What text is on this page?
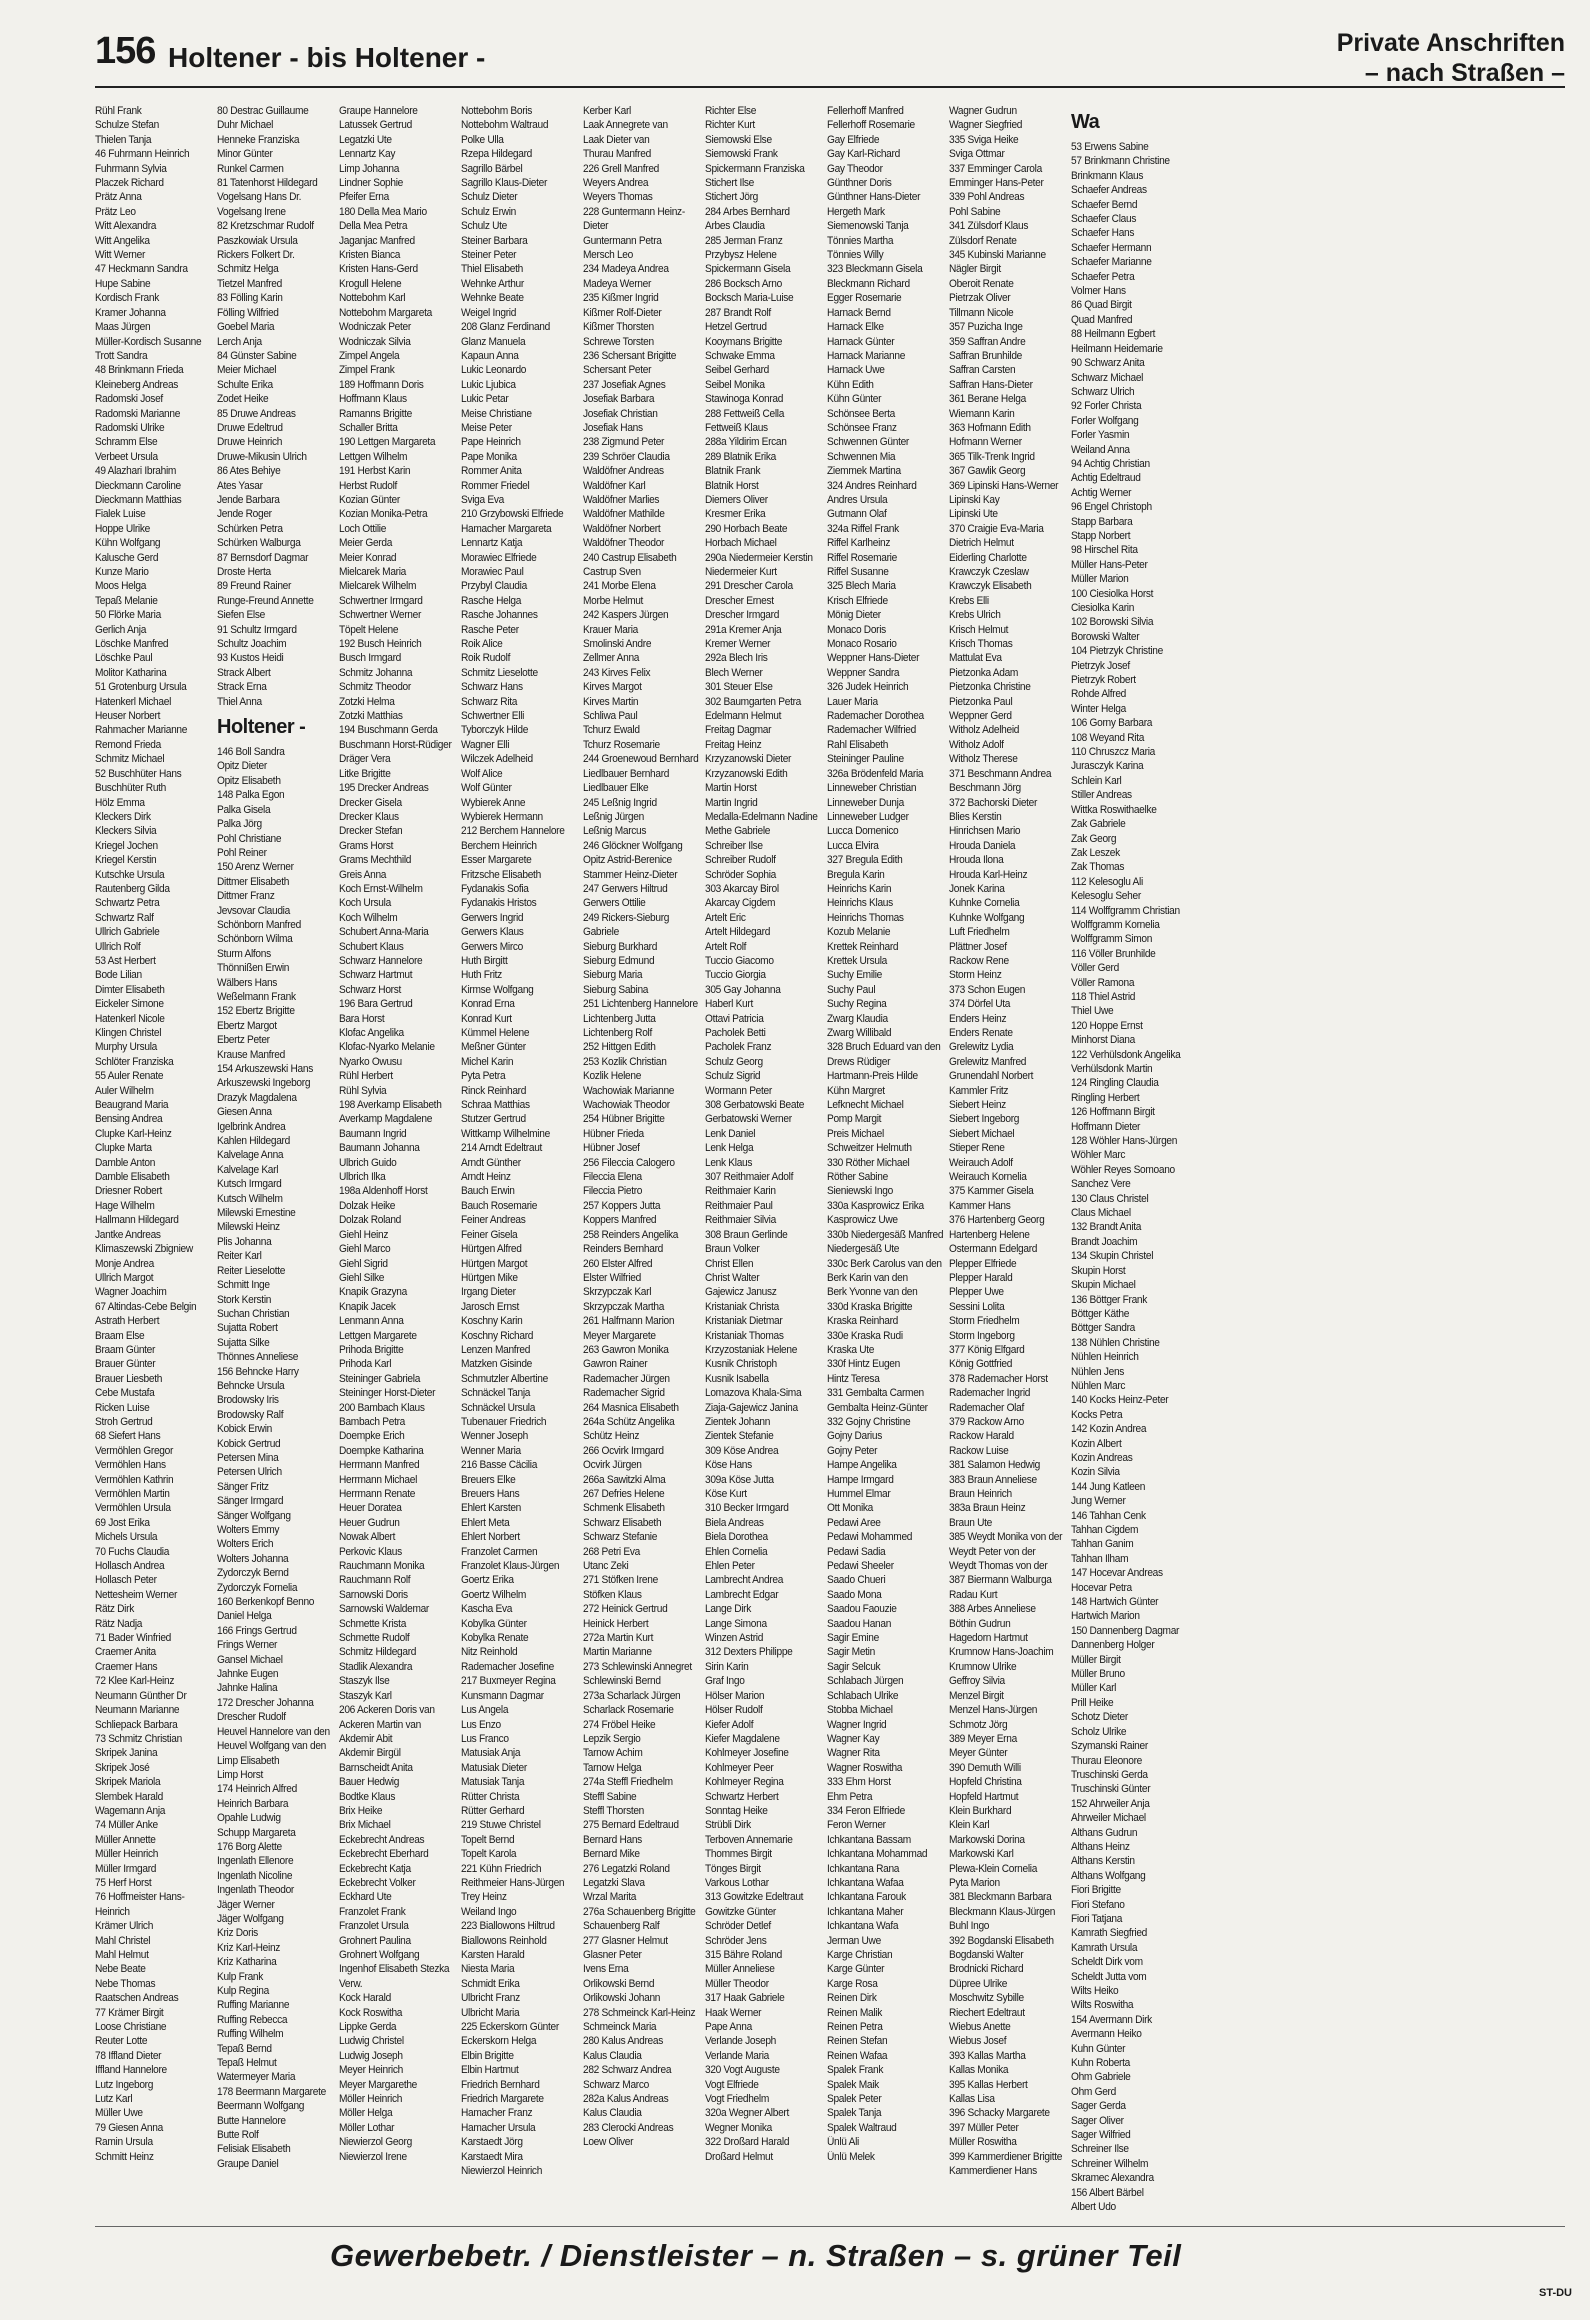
156 Holtener - bis Holtener -	Private Anschriften
– nach Straßen –
Rühl Frank
Schulze Stefan
Thielen Tanja
46 Fuhrmann Heinrich
Fuhrmann Sylvia
Placzek Richard
Prätz Anna
Prätz Leo
Witt Alexandra
Witt Angelika
Witt Werner
47 Heckmann Sandra
Hupe Sabine
Kordisch Frank
Kramer Johanna
Maas Jürgen
Müller-Kordisch Susanne
Trott Sandra
48 Brinkmann Frieda
Kleineberg Andreas
Radomski Josef
Radomski Marianne
Radomski Ulrike
Schramm Else
Verbeet Ursula
49 Alazhari Ibrahim
Dieckmann Caroline
Dieckmann Matthias
Fialek Luise
Hoppe Ulrike
Kühn Wolfgang
Kalusche Gerd
Kunze Mario
Moos Helga
Tepaß Melanie
50 Flörke Maria
Gerlich Anja
Löschke Manfred
Löschke Paul
Molitor Katharina
51 Grotenburg Ursula
Hatenkerl Michael
Heuser Norbert
Rahmacher Marianne
Remond Frieda
Schmitz Michael
52 Buschhüter Hans
Buschhüter Ruth
Hölz Emma
Kleckers Dirk
Kleckers Silvia
Kriegel Jochen
Kriegel Kerstin
Kutschke Ursula
Rautenberg Gilda
Schwartz Petra
Schwartz Ralf
Ullrich Gabriele
Ullrich Rolf
53 Ast Herbert
Bode Lilian
Dimter Elisabeth
Eickeler Simone
Hatenkerl Nicole
Klingen Christel
Murphy Ursula
Schlöter Franziska
55 Auler Renate
Auler Wilhelm
Beaugrand Maria
Bensing Andrea
Clupke Karl-Heinz
Clupke Marta
Damble Anton
Damble Elisabeth
Driesner Robert
Hage Wilhelm
Hallmann Hildegard
Jantke Andreas
Klimaszewski Zbigniew
Monje Andrea
Ullrich Margot
Wagner Joachim
67 Altindas-Cebe Belgin
Astrath Herbert
Braam Else
Braam Günter
Brauer Günter
Brauer Liesbeth
Cebe Mustafa
Ricken Luise
Stroh Gertrud
68 Siefert Hans
Vermöhlen Gregor
Vermöhlen Hans
Vermöhlen Kathrin
Vermöhlen Martin
Vermöhlen Ursula
69 Jost Erika
Michels Ursula
70 Fuchs Claudia
Hollasch Andrea
Hollasch Peter
Nettesheim Werner
Rätz Dirk
Rätz Nadja
71 Bader Winfried
Craemer Anita
Craemer Hans
72 Klee Karl-Heinz
Neumann Günther Dr
Neumann Marianne
Schliepack Barbara
73 Schmitz Christian
Skripek Janina
Skripek José
Skripek Mariola
Slembek Harald
Wagemann Anja
74 Müller Anke
Müller Annette
Müller Heinrich
Müller Irmgard
75 Herf Horst
76 Hoffmeister Hans-
Heinrich
Krämer Ulrich
Mahl Christel
Mahl Helmut
Nebe Beate
Nebe Thomas
Raatschen Andreas
77 Krämer Birgit
Loose Christiane
Reuter Lotte
78 Iffland Dieter
Iffland Hannelore
Lutz Ingeborg
Lutz Karl
Müller Uwe
79 Giesen Anna
Ramin Ursula
Schmitt Heinz
80 Destrac Guillaume
Duhr Michael
Henneke Franziska
Minor Günter
Runkel Carmen
81 Tatenhorst Hildegard
Vogelsang Hans Dr.
Vogelsang Irene
82 Kretzschmar Rudolf
Paszkowiak Ursula
Rickers Folkert Dr.
Schmitz Helga
Tietzel Manfred
83 Fölling Karin
Fölling Wilfried
Goebel Maria
Lerch Anja
84 Günster Sabine
Meier Michael
Schulte Erika
Zodet Heike
85 Druwe Andreas
Druwe Edeltrud
Druwe Heinrich
Druwe-Mikusin Ulrich
86 Ates Behiye
Ates Yasar
Jende Barbara
Jende Roger
Schürken Petra
Schürken Walburga
87 Bernsdorf Dagmar
Droste Herta
89 Freund Rainer
Runge-Freund Annette
Siefen Else
91 Schultz Irmgard
Schultz Joachim
93 Kustos Heidi
Strack Albert
Strack Erna
Thiel Anna
Holtener -
146 Boll Sandra
Opitz Dieter
Opitz Elisabeth
148 Palka Egon
Palka Gisela
Palka Jörg
Pohl Christiane
Pohl Reiner
150 Arenz Werner
Dittmer Elisabeth
Dittmer Franz
Jevsovar Claudia
Schönborn Manfred
Schönborn Wilma
Sturm Alfons
Thönnißen Erwin
Wälbers Hans
Weßelmann Frank
152 Ebertz Brigitte
Ebertz Margot
Ebertz Peter
Krause Manfred
154 Arkuszewski Hans
Arkuszewski Ingeborg
Drazyk Magdalena
Giesen Anna
Igelbrink Andrea
Kahlen Hildegard
Kalvelage Anna
Kalvelage Karl
Kutsch Irmgard
Kutsch Wilhelm
Milewski Ernestine
Milewski Heinz
Plis Johanna
Reiter Karl
Reiter Lieselotte
Schmitt Inge
Stork Kerstin
Suchan Christian
Sujatta Robert
Sujatta Silke
Thönnes Anneliese
156 Behncke Harry
Behncke Ursula
Brodowsky Iris
Brodowsky Ralf
Kobick Erwin
Kobick Gertrud
Petersen Mina
Petersen Ulrich
Sänger Fritz
Sänger Irmgard
Sänger Wolfgang
Wolters Emmy
Wolters Erich
Wolters Johanna
Zydorczyk Bernd
Zydorczyk Fornelia
160 Berkenkopf Benno
Daniel Helga
166 Frings Gertrud
Frings Werner
Gansel Michael
Jahnke Eugen
Jahnke Halina
172 Drescher Johanna
Drescher Rudolf
Heuvel Hannelore van den
Heuvel Wolfgang van den
Limp Elisabeth
Limp Horst
174 Heinrich Alfred
Heinrich Barbara
Opahle Ludwig
Schupp Margareta
176 Borg Alette
Ingenlath Ellenore
Ingenlath Nicoline
Ingenlath Theodor
Jäger Werner
Jäger Wolfgang
Kriz Doris
Kriz Karl-Heinz
Kriz Katharina
Kulp Frank
Kulp Regina
Ruffing Marianne
Ruffing Rebecca
Ruffing Wilhelm
Tepaß Bernd
Tepaß Helmut
Watermeyer Maria
178 Beermann Margarete
Beermann Wolfgang
Butte Hannelore
Butte Rolf
Felisiak Elisabeth
Graupe Daniel
Graupe Hannelore
Latussek Gertrud
Legatzki Ute
Lennartz Kay
Limp Johanna
Lindner Sophie
Pfeifer Erna
180 Della Mea Mario
Della Mea Petra
Jaganjac Manfred
Kristen Bianca
Kristen Hans-Gerd
Krogull Helene
Nottebohm Karl
Nottebohm Margareta
Wodniczak Peter
Wodniczak Silvia
Zimpel Angela
Zimpel Frank
189 Hoffmann Doris
Hoffmann Klaus
Ramanns Brigitte
Schaller Britta
190 Lettgen Margareta
Lettgen Wilhelm
191 Herbst Karin
Herbst Rudolf
Kozian Günter
Kozian Monika-Petra
Loch Ottilie
Meier Gerda
Meier Konrad
Mielcarek Maria
Mielcarek Wilhelm
Schwertner Irmgard
Schwertner Werner
Töpelt Helene
192 Busch Heinrich
Busch Irmgard
Schmitz Johanna
Schmitz Theodor
Zotzki Helma
Zotzki Matthias
194 Buschmann Gerda
Buschmann Horst-Rüdiger
Dräger Vera
Litke Brigitte
195 Drecker Andreas
Drecker Gisela
Drecker Klaus
Drecker Stefan
Grams Horst
Grams Mechthild
Greis Anna
Koch Ernst-Wilhelm
Koch Ursula
Koch Wilhelm
Schubert Anna-Maria
Schubert Klaus
Schwarz Hannelore
Schwarz Hartmut
Schwarz Horst
196 Bara Gertrud
Bara Horst
Klofac Angelika
Klofac-Nyarko Melanie
Nyarko Owusu
Rühl Herbert
Rühl Sylvia
198 Averkamp Elisabeth
Averkamp Magdalene
Baumann Ingrid
Baumann Johanna
Ulbrich Guido
Ulbrich Ilka
198a Aldenhoff Horst
Dolzak Heike
Dolzak Roland
Giehl Heinz
Giehl Marco
Giehl Sigrid
Giehl Silke
Knapik Grazyna
Knapik Jacek
Lenmann Anna
Lettgen Margarete
Prihoda Brigitte
Prihoda Karl
Steininger Gabriela
Steininger Horst-Dieter
200 Bambach Klaus
Bambach Petra
Doempke Erich
Doempke Katharina
Herrmann Manfred
Herrmann Michael
Herrmann Renate
Heuer Doratea
Heuer Gudrun
Nowak Albert
Perkovic Klaus
Rauchmann Monika
Rauchmann Rolf
Sarnowski Doris
Sarnowski Waldemar
Schmette Krista
Schmette Rudolf
Schmitz Hildegard
Stadlik Alexandra
Staszyk Ilse
Staszyk Karl
206 Ackeren Doris van
Ackeren Martin van
Akdemir Abit
Akdemir Birgül
Barnscheidt Anita
Bauer Hedwig
Bodtke Klaus
Brix Heike
Brix Michael
Eckebrecht Andreas
Eckebrecht Eberhard
Eckebrecht Katja
Eckebrecht Volker
Eckhard Ute
Franzolet Frank
Franzolet Ursula
Grohnert Paulina
Grohnert Wolfgang
Ingenhof Elisabeth Stezka
Verw.
Kock Harald
Kock Roswitha
Lippke Gerda
Ludwig Christel
Ludwig Joseph
Meyer Heinrich
Meyer Margarethe
Möller Heinrich
Möller Helga
Möller Lothar
Niewierzol Georg
Niewierzol Irene
Nottebohm Boris
Nottebohm Waltraud
Polke Ulla
Rzepa Hildegard
Sagrillo Bärbel
Sagrillo Klaus-Dieter
Schulz Dieter
Schulz Erwin
Schulz Ute
Steiner Barbara
Steiner Peter
Thiel Elisabeth
Wehnke Arthur
Wehnke Beate
Weigel Ingrid
208 Glanz Ferdinand
Glanz Manuela
Kapaun Anna
Lukic Leonardo
Lukic Ljubica
Lukic Petar
Meise Christiane
Meise Peter
Pape Heinrich
Pape Monika
Rommer Anita
Rommer Friedel
Sviga Eva
210 Grzybowski Elfriede
Hamacher Margareta
Lennartz Katja
Morawiec Elfriede
Morawiec Paul
Przybyl Claudia
Rasche Helga
Rasche Johannes
Rasche Peter
Roik Alice
Roik Rudolf
Schmitz Lieselotte
Schwarz Hans
Schwarz Rita
Schwertner Elli
Tyborczyk Hilde
Wagner Elli
Wilczek Adelheid
Wolf Alice
Wolf Günter
Wybierek Anne
Wybierek Hermann
212 Berchem Hannelore
Berchem Heinrich
Esser Margarete
Fritzsche Elisabeth
Fydanakis Sofia
Fydanakis Hristos
Gerwers Ingrid
Gerwers Klaus
Gerwers Mirco
Huth Birgitt
Huth Fritz
Kirmse Wolfgang
Konrad Erna
Konrad Kurt
Kümmel Helene
Meßner Günter
Michel Karin
Pyta Petra
Rinck Reinhard
Schraa Matthias
Stutzer Gertrud
Wittkamp Wilhelmine
214 Arndt Edeltraut
Arndt Günther
Arndt Heinz
Bauch Erwin
Bauch Rosemarie
Feiner Andreas
Feiner Gisela
Hürtgen Alfred
Hürtgen Margot
Hürtgen Mike
Irgang Dieter
Jarosch Ernst
Koschny Karin
Koschny Richard
Lenzen Manfred
Matzken Gisinde
Schmutzler Albertine
Schnäckel Tanja
Schnäckel Ursula
Tubenauer Friedrich
Wenner Joseph
Wenner Maria
216 Basse Cäcilia
Breuers Elke
Breuers Hans
Ehlert Karsten
Ehlert Meta
Ehlert Norbert
Franzolet Carmen
Franzolet Klaus-Jürgen
Goertz Erika
Goertz Wilhelm
Kascha Eva
Kobylka Günter
Kobylka Renate
Nitz Reinhold
Rademacher Josefine
217 Buxmeyer Regina
Kunsmann Dagmar
Lus Angela
Lus Enzo
Lus Franco
Matusiak Anja
Matusiak Dieter
Matusiak Tanja
Rütter Christa
Rütter Gerhard
219 Stuwe Christel
Topelt Bernd
Topelt Karola
221 Kühn Friedrich
Reithmeier Hans-Jürgen
Trey Heinz
Weiland Ingo
223 Biallowons Hiltrud
Biallowons Reinhold
Karsten Harald
Niesta Maria
Schmidt Erika
Ulbricht Franz
Ulbricht Maria
225 Eckerskorn Günter
Eckerskorn Helga
Elbin Brigitte
Elbin Hartmut
Friedrich Bernhard
Friedrich Margarete
Hamacher Franz
Hamacher Ursula
Karstaedt Jörg
Karstaedt Mira
Niewierzol Heinrich
Kerber Karl
Laak Annegrete van
Laak Dieter van
Thurau Manfred
226 Grell Manfred
Weyers Andrea
Weyers Thomas
228 Guntermann Heinz-
Dieter
Guntermann Petra
Mersch Leo
234 Madeya Andrea
Madeya Werner
235 Kißmer Ingrid
Kißmer Rolf-Dieter
Kißmer Thorsten
Schrewe Torsten
236 Schersant Brigitte
Schersant Peter
237 Josefiak Agnes
Josefiak Barbara
Josefiak Christian
Josefiak Hans
238 Zigmund Peter
239 Schröer Claudia
Waldöfner Andreas
Waldöfner Karl
Waldöfner Marlies
Waldöfner Mathilde
Waldöfner Norbert
Waldöfner Theodor
240 Castrup Elisabeth
Castrup Sven
241 Morbe Elena
Morbe Helmut
242 Kaspers Jürgen
Krauer Maria
Smolinski Andre
Zellmer Anna
243 Kirves Felix
Kirves Margot
Kirves Martin
Schliwa Paul
Tchurz Ewald
Tchurz Rosemarie
244 Groenewoud Bernhard
Liedlbauer Bernhard
Liedlbauer Elke
245 Leßnig Ingrid
Leßnig Jürgen
Leßnig Marcus
246 Glöckner Wolfgang
Opitz Astrid-Berenice
Stammer Heinz-Dieter
247 Gerwers Hiltrud
Gerwers Ottilie
249 Rickers-Sieburg
Gabriele
Sieburg Burkhard
Sieburg Edmund
Sieburg Maria
Sieburg Sabina
251 Lichtenberg Hannelore
Lichtenberg Jutta
Lichtenberg Rolf
252 Hittgen Edith
253 Kozlik Christian
Kozlik Helene
Wachowiak Marianne
Wachowiak Theodor
254 Hübner Brigitte
Hübner Frieda
Hübner Josef
256 Fileccia Calogero
Fileccia Elena
Fileccia Pietro
257 Koppers Jutta
Koppers Manfred
258 Reinders Angelika
Reinders Bernhard
260 Elster Alfred
Elster Wilfried
Skrzypczak Karl
Skrzypczak Martha
261 Halfmann Marion
Meyer Margarete
263 Gawron Monika
Gawron Rainer
Rademacher Jürgen
Rademacher Sigrid
264 Masnica Elisabeth
264a Schütz Angelika
Schütz Heinz
266 Ocvirk Irmgard
Ocvirk Jürgen
266a Sawitzki Alma
267 Defries Helene
Schmenk Elisabeth
Schwarz Elisabeth
Schwarz Stefanie
268 Petri Eva
Utanc Zeki
271 Stöfken Irene
Stöfken Klaus
272 Heinick Gertrud
Heinick Herbert
272a Martin Kurt
Martin Marianne
273 Schlewinski Annegret
Schlewinski Bernd
273a Scharlack Jürgen
Scharlack Rosemarie
274 Fröbel Heike
Lepzik Sergio
Tarnow Achim
Tarnow Helga
274a Steffl Friedhelm
Steffl Sabine
Steffl Thorsten
275 Bernard Edeltraud
Bernard Hans
Bernard Mike
276 Legatzki Roland
Legatzki Slava
Wrzal Marita
276a Schauenberg Brigitte
Schauenberg Ralf
277 Glasner Helmut
Glasner Peter
Ivens Erna
Orlikowski Bernd
Orlikowski Johann
278 Schmeinck Karl-Heinz
Schmeinck Maria
280 Kalus Andreas
Kalus Claudia
282 Schwarz Andrea
Schwarz Marco
282a Kalus Andreas
Kalus Claudia
283 Clerocki Andreas
Loew Oliver
Richter Else
Richter Kurt
Siemowski Else
Siemowski Frank
Spickermann Franziska
Stichert Ilse
Stichert Jörg
284 Arbes Bernhard
Arbes Claudia
285 Jerman Franz
Przybysz Helene
Spickermann Gisela
286 Bocksch Arno
Bocksch Maria-Luise
287 Brandt Rolf
Hetzel Gertrud
Kooymans Brigitte
Schwake Emma
Seibel Gerhard
Seibel Monika
Stawinoga Konrad
288 Fettweiß Cella
Fettweiß Klaus
288a Yildirim Ercan
289 Blatnik Erika
Blatnik Frank
Blatnik Horst
Diemers Oliver
Kresmer Erika
290 Horbach Beate
Horbach Michael
290a Niedermeier Kerstin
Niedermeier Kurt
291 Drescher Carola
Drescher Ernest
Drescher Irmgard
291a Kremer Anja
Kremer Werner
292a Blech Iris
Blech Werner
301 Steuer Else
302 Baumgarten Petra
Edelmann Helmut
Freitag Dagmar
Freitag Heinz
Krzyzanowski Dieter
Krzyzanowski Edith
Martin Horst
Martin Ingrid
Medalla-Edelmann Nadine
Methe Gabriele
Schreiber Ilse
Schreiber Rudolf
Schröder Sophia
303 Akarcay Birol
Akarcay Cigdem
Artelt Eric
Artelt Hildegard
Artelt Rolf
Tuccio Giacomo
Tuccio Giorgia
305 Gay Johanna
Haberl Kurt
Ottavi Patricia
Pacholek Betti
Pacholek Franz
Schulz Georg
Schulz Sigrid
Wormann Peter
308 Gerbatowski Beate
Gerbatowski Werner
Lenk Daniel
Lenk Helga
Lenk Klaus
307 Reithmaier Adolf
Reithmaier Karin
Reithmaier Paul
Reithmaier Silvia
308 Braun Gerlinde
Braun Volker
Christ Ellen
Christ Walter
Gajewicz Janusz
Kristaniak Christa
Kristaniak Dietmar
Kristaniak Thomas
Krzyzostaniak Helene
Kusnik Christoph
Kusnik Isabella
Lomazova Khala-Sima
Ziaja-Gajewicz Janina
Zientek Johann
Zientek Stefanie
309 Köse Andrea
Köse Hans
309a Köse Jutta
Köse Kurt
310 Becker Irmgard
Biela Andreas
Biela Dorothea
Ehlen Cornelia
Ehlen Peter
Lambrecht Andrea
Lambrecht Edgar
Lange Dirk
Lange Simona
Winzen Astrid
312 Dexters Philippe
Sirin Karin
Graf Ingo
Hölser Marion
Hölser Rudolf
Kiefer Adolf
Kiefer Magdalene
Kohlmeyer Josefine
Kohlmeyer Peer
Kohlmeyer Regina
Schwartz Herbert
Sonntag Heike
Strübli Dirk
Terboven Annemarie
Thommes Birgit
Tönges Birgit
Varkous Lothar
313 Gowitzke Edeltraut
Gowitzke Günter
Schröder Detlef
Schröder Jens
315 Bähre Roland
Müller Anneliese
Müller Theodor
317 Haak Gabriele
Haak Werner
Pape Anna
Verlande Joseph
Verlande Maria
320 Vogt Auguste
Vogt Elfriede
Vogt Friedhelm
320a Wegner Albert
Wegner Monika
322 Droßard Harald
Droßard Helmut
Fellerhoff Manfred
Fellerhoff Rosemarie
Gay Elfriede
Gay Karl-Richard
Gay Theodor
Günthner Doris
Günthner Hans-Dieter
Hergeth Mark
Siemenowski Tanja
Tönnies Martha
Tönnies Willy
323 Bleckmann Gisela
Bleckmann Richard
Egger Rosemarie
Harnack Bernd
Harnack Elke
Harnack Günter
Harnack Marianne
Harnack Uwe
Kühn Edith
Kühn Günter
Schönsee Berta
Schönsee Franz
Schwennen Günter
Schwennen Mia
Ziemmek Martina
324 Andres Reinhard
Andres Ursula
Gutmann Olaf
324a Riffel Frank
Riffel Karlheinz
Riffel Rosemarie
Riffel Susanne
325 Blech Maria
Krisch Elfriede
Mönig Dieter
Monaco Doris
Monaco Rosario
Weppner Hans-Dieter
Weppner Sandra
326 Judek Heinrich
Lauer Maria
Rademacher Dorothea
Rademacher Wilfried
Rahl Elisabeth
Steininger Pauline
326a Brödenfeld Maria
Linneweber Christian
Linneweber Dunja
Linneweber Ludger
Lucca Domenico
Lucca Elvira
327 Bregula Edith
Bregula Karin
Heinrichs Karin
Heinrichs Klaus
Heinrichs Thomas
Kozub Melanie
Krettek Reinhard
Krettek Ursula
Suchy Emilie
Suchy Paul
Suchy Regina
Zwarg Klaudia
Zwarg Willibald
328 Bruch Eduard van den
Drews Rüdiger
Hartmann-Preis Hilde
Kühn Margret
Lefknecht Michael
Pomp Margit
Preis Michael
Schweitzer Helmuth
330 Röther Michael
Röther Sabine
Sieniewski Ingo
330a Kasprowicz Erika
Kasprowicz Uwe
330b Niedergesäß Manfred
Niedergesäß Ute
330c Berk Carolus van den
Berk Karin van den
Berk Yvonne van den
330d Kraska Brigitte
Kraska Reinhard
330e Kraska Rudi
Kraska Ute
330f Hintz Eugen
Hintz Teresa
331 Gembalta Carmen
Gembalta Heinz-Günter
332 Gojny Christine
Gojny Darius
Gojny Peter
Hampe Angelika
Hampe Irmgard
Hummel Elmar
Ott Monika
Pedawi Aree
Pedawi Mohammed
Pedawi Sadia
Pedawi Sheeler
Saado Chueri
Saado Mona
Saadou Faouzie
Saadou Hanan
Sagir Emine
Sagir Metin
Sagir Selcuk
Schlabach Jürgen
Schlabach Ulrike
Stobba Michael
Wagner Ingrid
Wagner Kay
Wagner Rita
Wagner Roswitha
333 Ehm Horst
Ehm Petra
334 Feron Elfriede
Feron Werner
Ichkantana Bassam
Ichkantana Mohammad
Ichkantana Rana
Ichkantana Wafaa
Ichkantana Farouk
Ichkantana Maher
Ichkantana Wafa
Jerman Uwe
Karge Christian
Karge Günter
Karge Rosa
Reinen Dirk
Reinen Malik
Reinen Petra
Reinen Stefan
Reinen Wafaa
Spalek Frank
Spalek Maik
Spalek Peter
Spalek Tanja
Spalek Waltraud
Ünlü Ali
Ünlü Melek
Wagner Gudrun
Wagner Siegfried
335 Sviga Heike
Sviga Ottmar
337 Emminger Carola
Emminger Hans-Peter
339 Pohl Andreas
Pohl Sabine
341 Zülsdorf Klaus
Zülsdorf Renate
345 Kubinski Marianne
Nägler Birgit
Oberoit Renate
Pietrzak Oliver
Tillmann Nicole
357 Puzicha Inge
359 Saffran Andre
Saffran Brunhilde
Saffran Carsten
Saffran Hans-Dieter
361 Berane Helga
Wiemann Karin
363 Hofmann Edith
Hofmann Werner
365 Tilk-Trenk Ingrid
367 Gawlik Georg
369 Lipinski Hans-Werner
Lipinski Kay
Lipinski Ute
370 Craigie Eva-Maria
Dietrich Helmut
Eiderling Charlotte
Krawczyk Czeslaw
Krawczyk Elisabeth
Krebs Elli
Krebs Ulrich
Krisch Helmut
Krisch Thomas
Mattulat Eva
Pietzonka Adam
Pietzonka Christine
Pietzonka Paul
Weppner Gerd
Witholz Adelheid
Witholz Adolf
Witholz Therese
371 Beschmann Andrea
Beschmann Jörg
372 Bachorski Dieter
Blies Kerstin
Hinrichsen Mario
Hrouda Daniela
Hrouda Ilona
Hrouda Karl-Heinz
Jonek Karina
Kuhnke Cornelia
Kuhnke Wolfgang
Luft Friedhelm
Plättner Josef
Rackow Rene
Storm Heinz
373 Schon Eugen
374 Dörfel Uta
Enders Heinz
Enders Renate
Grelewitz Lydia
Grelewitz Manfred
Grunendahl Norbert
Kammler Fritz
Siebert Heinz
Siebert Ingeborg
Siebert Michael
Stieper Rene
Weirauch Adolf
Weirauch Kornelia
375 Kammer Gisela
Kammer Hans
376 Hartenberg Georg
Hartenberg Helene
Ostermann Edelgard
Plepper Elfriede
Plepper Harald
Plepper Uwe
Sessini Lolita
Storm Friedhelm
Storm Ingeborg
377 König Elfgard
König Gottfried
378 Rademacher Horst
Rademacher Ingrid
Rademacher Olaf
379 Rackow Arno
Rackow Harald
Rackow Luise
381 Salamon Hedwig
383 Braun Anneliese
Braun Heinrich
383a Braun Heinz
Braun Ute
385 Weydt Monika von der
Weydt Peter von der
Weydt Thomas von der
387 Biermann Walburga
Radau Kurt
388 Arbes Anneliese
Böthin Gudrun
Hagedorn Hartmut
Krumnow Hans-Joachim
Krumnow Ulrike
Geffroy Silvia
Menzel Birgit
Menzel Hans-Jürgen
Schmotz Jörg
389 Meyer Erna
Meyer Günter
390 Demuth Willi
Hopfeld Christina
Hopfeld Hartmut
Klein Burkhard
Klein Karl
Markowski Dorina
Markowski Karl
Plewa-Klein Cornelia
Pyta Marion
381 Bleckmann Barbara
Bleckmann Klaus-Jürgen
Buhl Ingo
392 Bogdanski Elisabeth
Bogdanski Walter
Brodnicki Richard
Düpree Ulrike
Moschwitz Sybille
Riechert Edeltraut
Wiebus Anette
Wiebus Josef
393 Kallas Martha
Kallas Monika
395 Kallas Herbert
Kallas Lisa
396 Schacky Margarete
397 Müller Peter
Müller Roswitha
399 Kammerdiener Brigitte
Kammerdiener Hans
Wa
53 Erwens Sabine
57 Brinkmann Christine
Brinkmann Klaus
Schaefer Andreas
Schaefer Bernd
Schaefer Claus
Schaefer Hans
Schaefer Hermann
Schaefer Marianne
Schaefer Petra
Volmer Hans
86 Quad Birgit
Quad Manfred
88 Heilmann Egbert
Heilmann Heidemarie
90 Schwarz Anita
Schwarz Michael
Schwarz Ulrich
92 Forler Christa
Forler Wolfgang
Forler Yasmin
Weiland Anna
94 Achtig Christian
Achtig Edeltraud
Achtig Werner
96 Engel Christoph
Stapp Barbara
Stapp Norbert
98 Hirschel Rita
Müller Hans-Peter
Müller Marion
100 Ciesiolka Horst
Ciesiolka Karin
102 Borowski Silvia
Borowski Walter
104 Pietrzyk Christine
Pietrzyk Josef
Pietrzyk Robert
Rohde Alfred
Winter Helga
106 Gorny Barbara
108 Weyand Rita
110 Chruszcz Maria
Jurasczyk Karina
Schlein Karl
Stiller Andreas
Wittka Roswithaelke
Zak Gabriele
Zak Georg
Zak Leszek
Zak Thomas
112 Kelesoglu Ali
Kelesoglu Seher
114 Wolffgramm Christian
Wolffgramm Kornelia
Wolffgramm Simon
116 Völler Brunhilde
Völler Gerd
Völler Ramona
118 Thiel Astrid
Thiel Uwe
120 Hoppe Ernst
Minhorst Diana
122 Verhülsdonk Angelika
Verhülsdonk Martin
124 Ringling Claudia
Ringling Herbert
126 Hoffmann Birgit
Hoffmann Dieter
128 Wöhler Hans-Jürgen
Wöhler Marc
Wöhler Reyes Somoano
Sanchez Vere
130 Claus Christel
Claus Michael
132 Brandt Anita
Brandt Joachim
134 Skupin Christel
Skupin Horst
Skupin Michael
136 Böttger Frank
Böttger Käthe
Böttger Sandra
138 Nühlen Christine
Nühlen Heinrich
Nühlen Jens
Nühlen Marc
140 Kocks Heinz-Peter
Kocks Petra
142 Kozin Andrea
Kozin Albert
Kozin Andreas
Kozin Silvia
144 Jung Katleen
Jung Werner
146 Tahhan Cenk
Tahhan Cigdem
Tahhan Ganim
Tahhan Ilham
147 Hocevar Andreas
Hocevar Petra
148 Hartwich Günter
Hartwich Marion
150 Dannenberg Dagmar
Dannenberg Holger
Müller Birgit
Müller Bruno
Müller Karl
Prill Heike
Schotz Dieter
Scholz Ulrike
Szymanski Rainer
Thurau Eleonore
Truschinski Gerda
Truschinski Günter
152 Ahrweiler Anja
Ahrweiler Michael
Althans Gudrun
Althans Heinz
Althans Kerstin
Althans Wolfgang
Fiori Brigitte
Fiori Stefano
Fiori Tatjana
Kamrath Siegfried
Kamrath Ursula
Scheldt Dirk vom
Scheldt Jutta vom
Wilts Heiko
Wilts Roswitha
154 Avermann Dirk
Avermann Heiko
Kuhn Günter
Kuhn Roberta
Ohm Gabriele
Ohm Gerd
Sager Gerda
Sager Oliver
Sager Wilfried
Schreiner Ilse
Schreiner Wilhelm
Skramec Alexandra
156 Albert Bärbel
Albert Udo
Gewerbebetr. / Dienstleister – n. Straßen – s. grüner Teil
ST-DU
